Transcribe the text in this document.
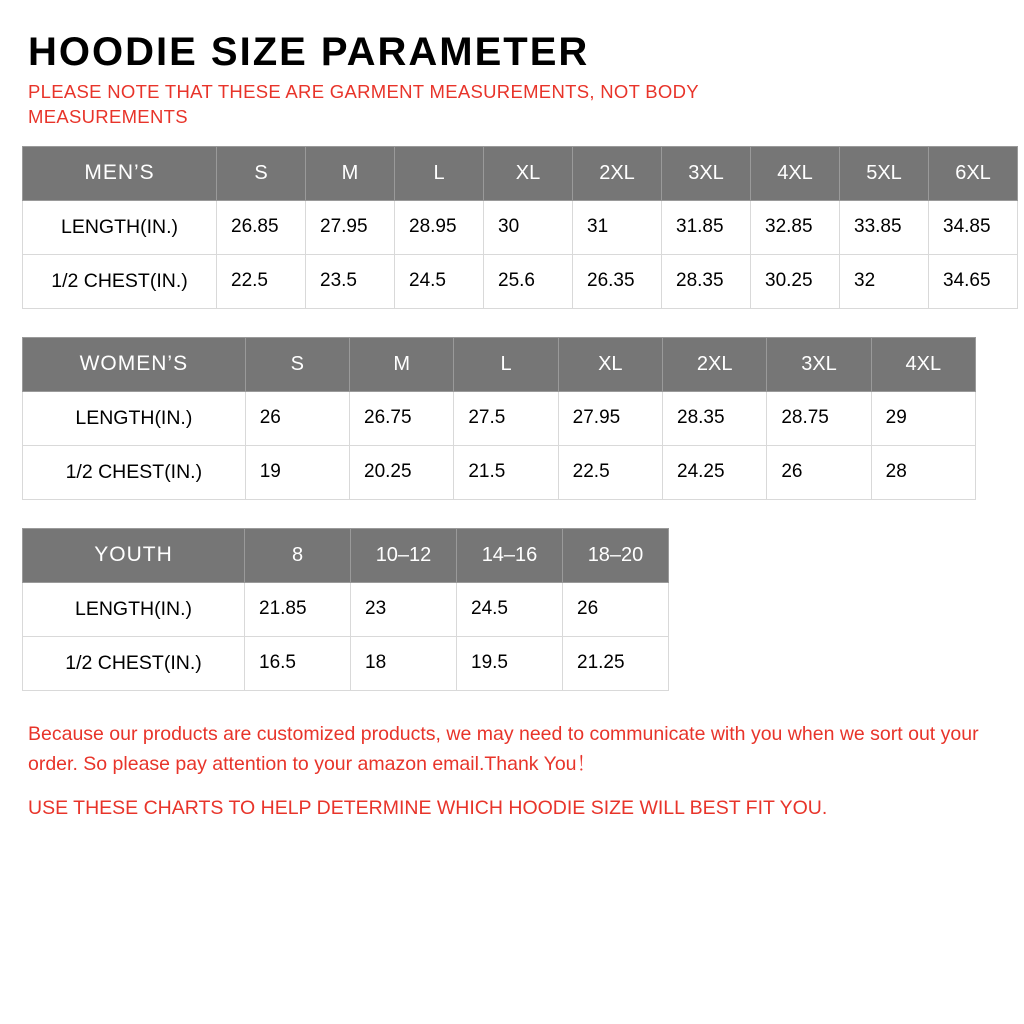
HOODIE SIZE PARAMETER
PLEASE NOTE THAT THESE ARE GARMENT MEASUREMENTS, NOT BODY MEASUREMENTS
MEN’S	S	M	L	XL	2XL	3XL	4XL	5XL	6XL
LENGTH(IN.)	26.85	27.95	28.95	30	31	31.85	32.85	33.85	34.85
1/2 CHEST(IN.)	22.5	23.5	24.5	25.6	26.35	28.35	30.25	32	34.65
WOMEN’S	S	M	L	XL	2XL	3XL	4XL
LENGTH(IN.)	26	26.75	27.5	27.95	28.35	28.75	29
1/2 CHEST(IN.)	19	20.25	21.5	22.5	24.25	26	28
YOUTH	8	10–12	14–16	18–20
LENGTH(IN.)	21.85	23	24.5	26
1/2 CHEST(IN.)	16.5	18	19.5	21.25

Because our products are customized products, we may need to communicate with you when we sort out your order. So please pay attention to your amazon email.Thank You！

USE THESE CHARTS TO HELP DETERMINE WHICH HOODIE SIZE WILL BEST FIT YOU.
